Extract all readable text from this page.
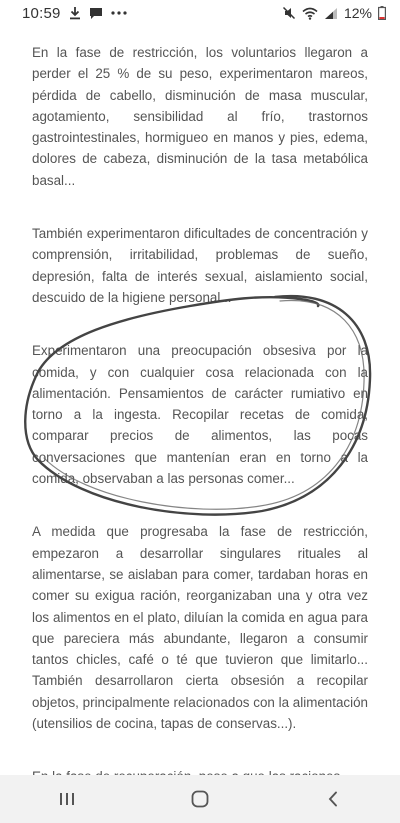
10:59	12%

En la fase de restricción, los voluntarios llegaron a perder el 25 % de su peso, experimentaron mareos, pérdida de cabello, disminución de masa muscular, agotamiento, sensibilidad al frío, trastornos gastrointestinales, hormigueo en manos y pies, edema, dolores de cabeza, disminución de la tasa metabólica basal...

También experimentaron dificultades de concentración y comprensión, irritabilidad, problemas de sueño, depresión, falta de interés sexual, aislamiento social, descuido de la higiene personal...

Experimentaron una preocupación obsesiva por la comida, y con cualquier cosa relacionada con la alimentación. Pensamientos de carácter rumiativo en torno a la ingesta. Recopilar recetas de comida, comparar precios de alimentos, las pocas conversaciones que mantenían eran en torno a la comida, observaban a las personas comer...

A medida que progresaba la fase de restricción, empezaron a desarrollar singulares rituales al alimentarse, se aislaban para comer, tardaban horas en comer su exigua ración, reorganizaban una y otra vez los alimentos en el plato, diluían la comida en agua para que pareciera más abundante, llegaron a consumir tantos chicles, café o té que tuvieron que limitarlo... También desarrollaron cierta obsesión a recopilar objetos, principalmente relacionados con la alimentación (utensilios de cocina, tapas de conservas...).
